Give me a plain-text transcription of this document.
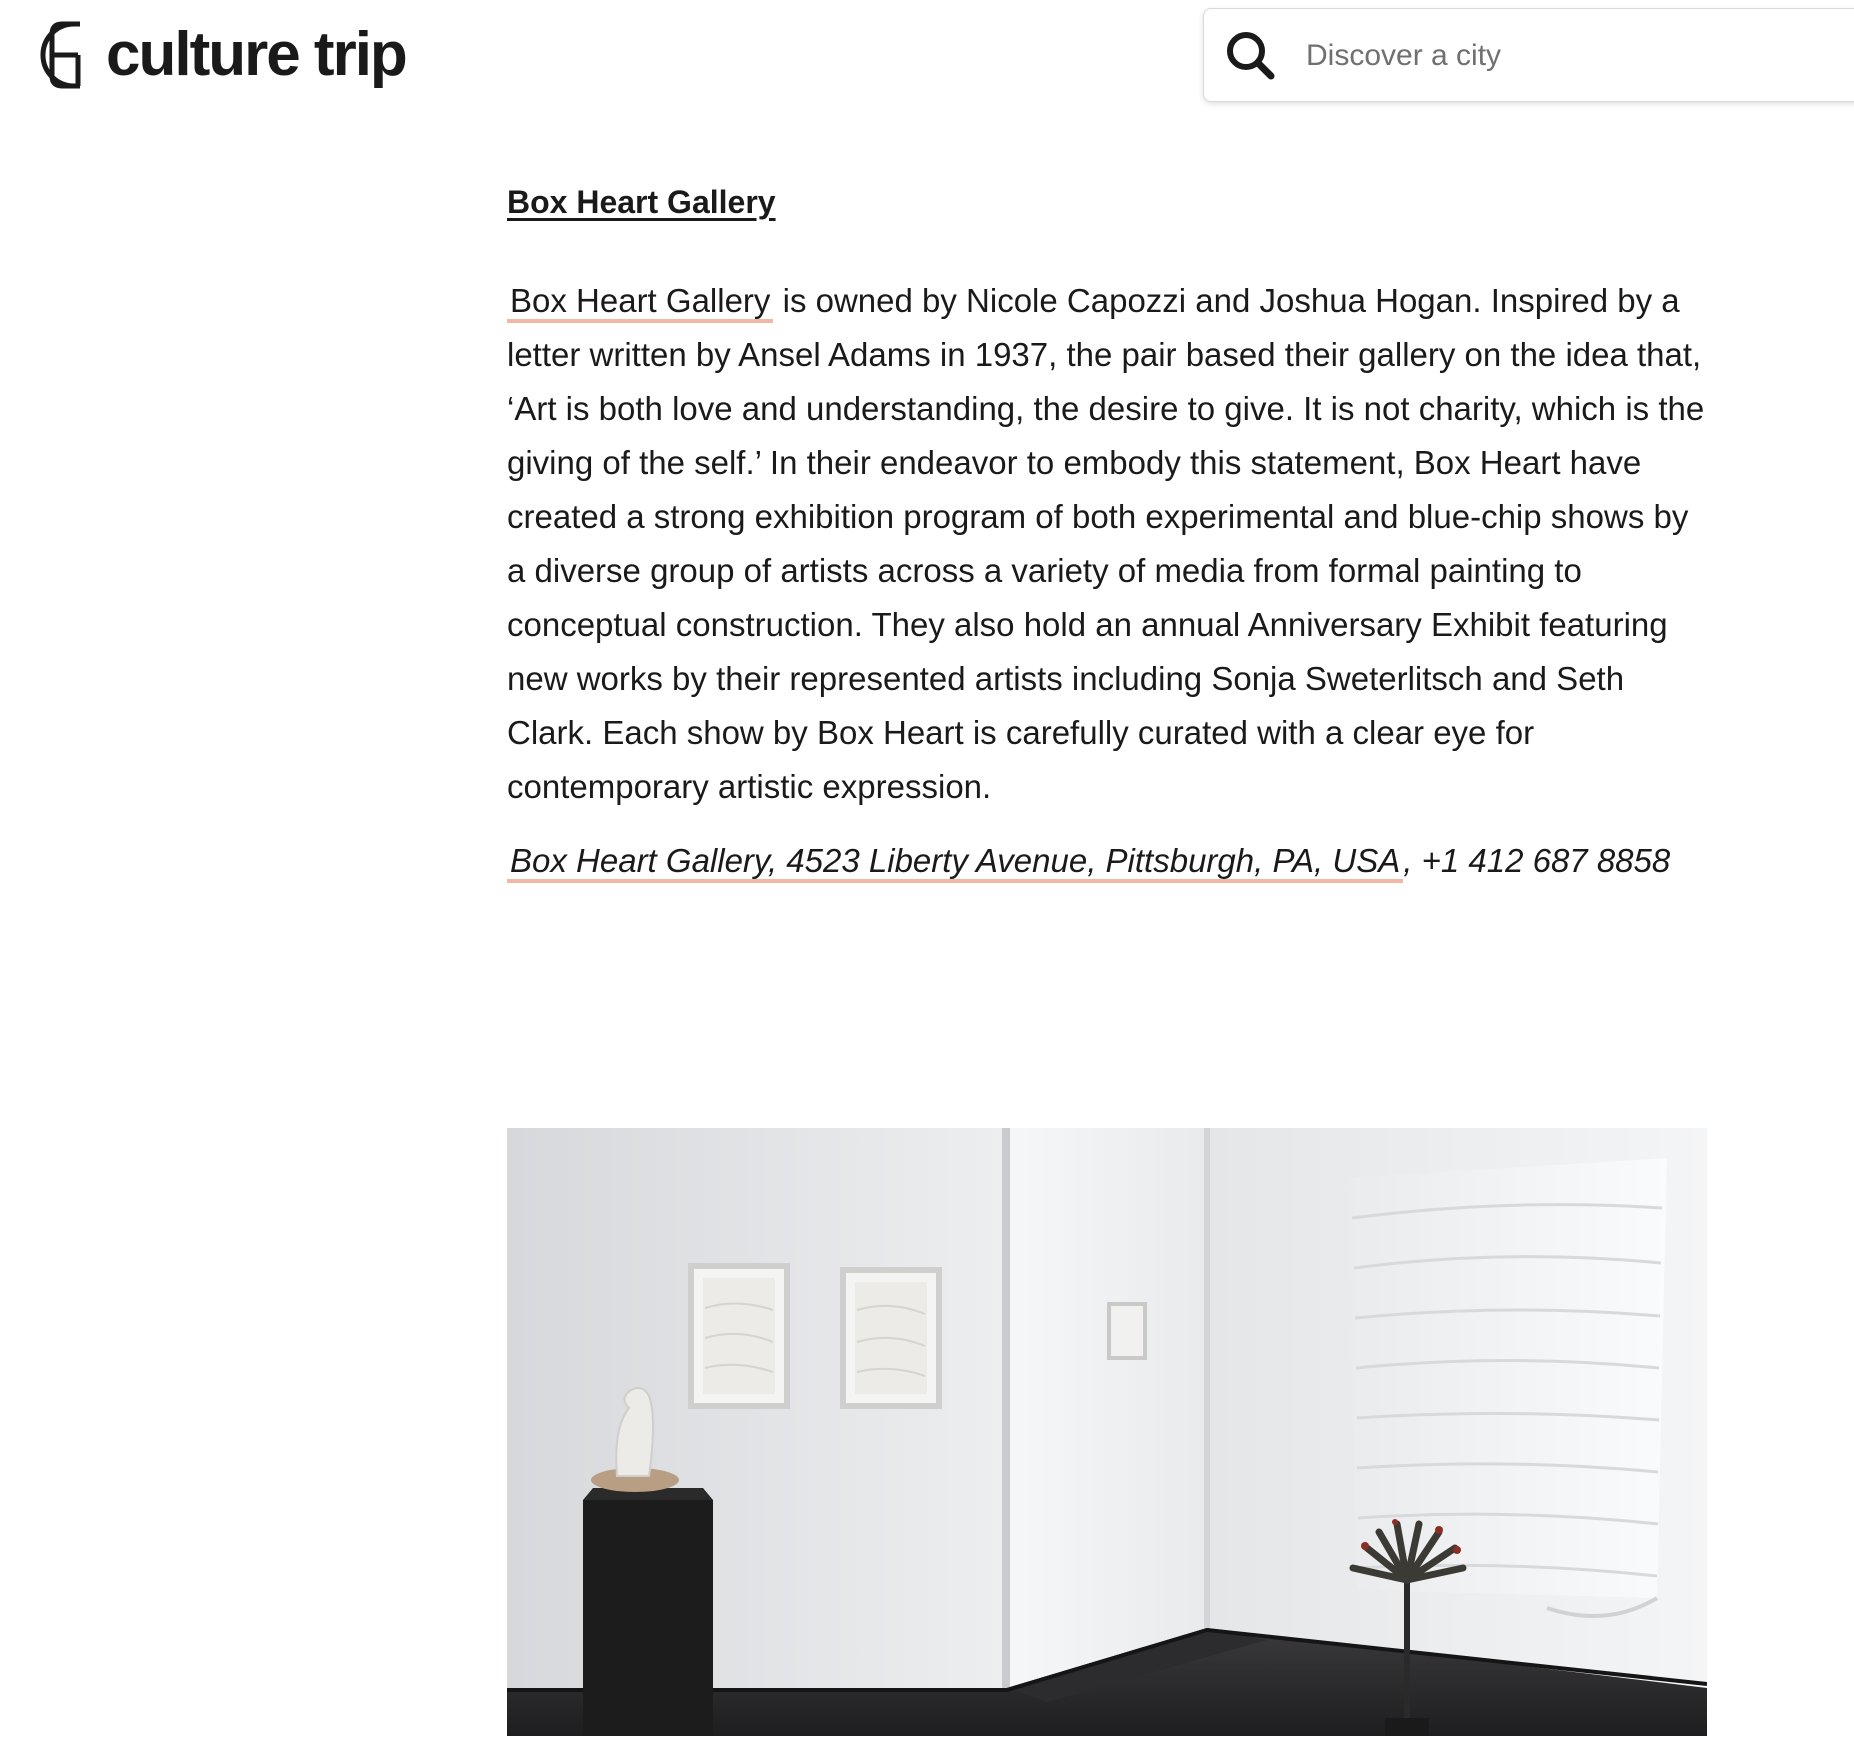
culture trip
Discover a city
Box Heart Gallery

Box Heart Gallery is owned by Nicole Capozzi and Joshua Hogan. Inspired by a letter written by Ansel Adams in 1937, the pair based their gallery on the idea that, ‘Art is both love and understanding, the desire to give. It is not charity, which is the giving of the self.’ In their endeavor to embody this statement, Box Heart have created a strong exhibition program of both experimental and blue-chip shows by a diverse group of artists across a variety of media from formal painting to conceptual construction. They also hold an annual Anniversary Exhibit featuring new works by their represented artists including Sonja Sweterlitsch and Seth Clark. Each show by Box Heart is carefully curated with a clear eye for contemporary artistic expression.

Box Heart Gallery, 4523 Liberty Avenue, Pittsburgh, PA, USA, +1 412 687 8858
